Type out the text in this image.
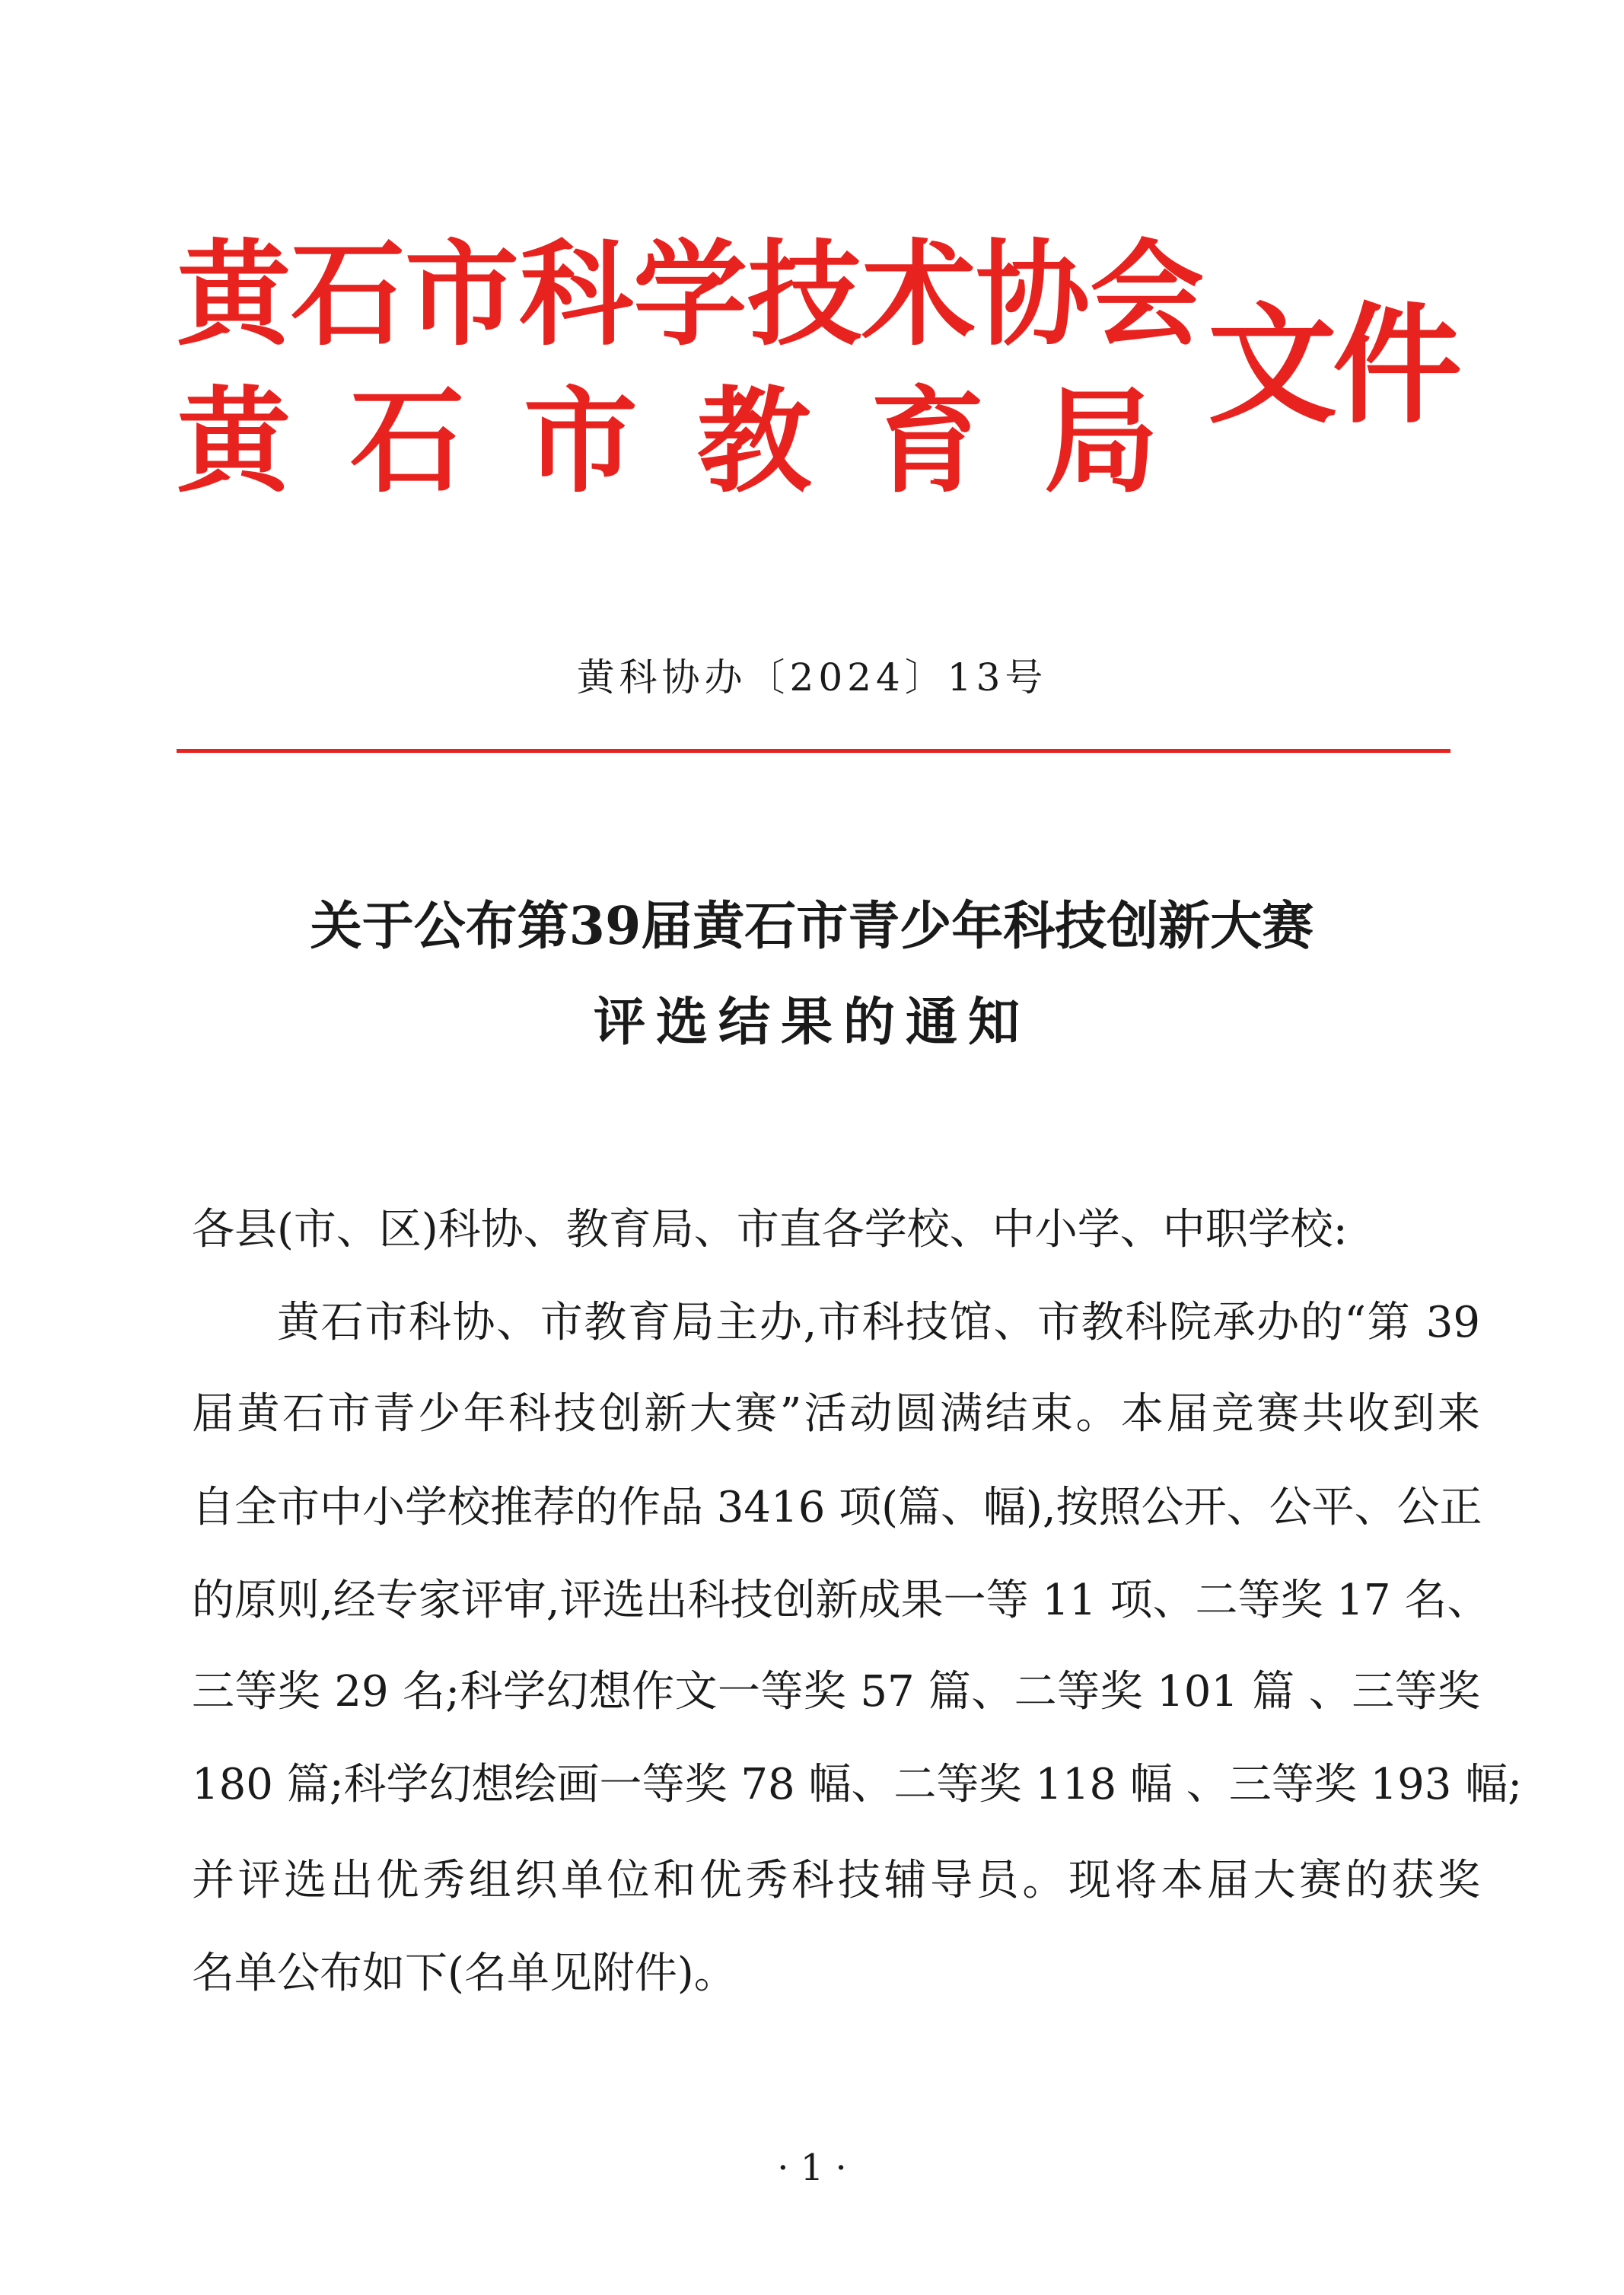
黄 石 市 科 学 技 术 协 会
黄 石 市 教 育 局 文件
黄科协办〔2024〕13号
关于公布第39届黄石市青少年科技创新大赛
评选结果的通知
各县(市、区)科协、教育局、市直各学校、中小学、中职学校:
黄石市科协、市教育局主办,市科技馆、市教科院承办的“第 39
届黄石市青少年科技创新大赛”活动圆满结束。本届竞赛共收到来
自全市中小学校推荐的作品 3416 项(篇、幅),按照公开、公平、公正
的原则,经专家评审,评选出科技创新成果一等 11 项、二等奖 17 名、
三等奖 29 名;科学幻想作文一等奖 57 篇、二等奖 101 篇 、三等奖
180 篇;科学幻想绘画一等奖 78 幅、二等奖 118 幅 、三等奖 193 幅;
并评选出优秀组织单位和优秀科技辅导员。现将本届大赛的获奖
名单公布如下(名单见附件)。
· 1 ·
